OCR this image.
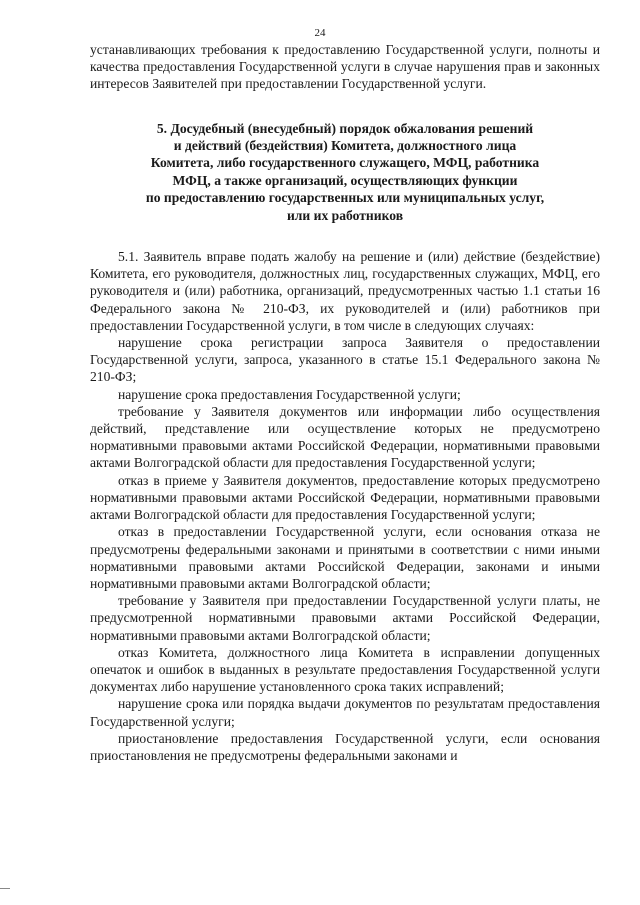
24

устанавливающих требования к предоставлению Государственной услуги, полноты и качества предоставления Государственной услуги в случае нарушения прав и законных интересов Заявителей при предоставлении Государственной услуги.

5. Досудебный (внесудебный) порядок обжалования решений
и действий (бездействия) Комитета, должностного лица
Комитета, либо государственного служащего, МФЦ, работника
МФЦ, а также организаций, осуществляющих функции
по предоставлению государственных или муниципальных услуг,
или их работников

5.1. Заявитель вправе подать жалобу на решение и (или) действие (бездействие) Комитета, его руководителя, должностных лиц, государственных служащих, МФЦ, его руководителя и (или) работника, организаций, предусмотренных частью 1.1 статьи 16 Федерального закона № 210-ФЗ, их руководителей и (или) работников при предоставлении Государственной услуги, в том числе в следующих случаях:

нарушение срока регистрации запроса Заявителя о предоставлении Государственной услуги, запроса, указанного в статье 15.1 Федерального закона № 210-ФЗ;

нарушение срока предоставления Государственной услуги;

требование у Заявителя документов или информации либо осуществления действий, представление или осуществление которых не предусмотрено нормативными правовыми актами Российской Федерации, нормативными правовыми актами Волгоградской области для предоставления Государственной услуги;

отказ в приеме у Заявителя документов, предоставление которых предусмотрено нормативными правовыми актами Российской Федерации, нормативными правовыми актами Волгоградской области для предоставления Государственной услуги;

отказ в предоставлении Государственной услуги, если основания отказа не предусмотрены федеральными законами и принятыми в соответствии с ними иными нормативными правовыми актами Российской Федерации, законами и иными нормативными правовыми актами Волгоградской области;

требование у Заявителя при предоставлении Государственной услуги платы, не предусмотренной нормативными правовыми актами Российской Федерации, нормативными правовыми актами Волгоградской области;

отказ Комитета, должностного лица Комитета в исправлении допущенных опечаток и ошибок в выданных в результате предоставления Государственной услуги документах либо нарушение установленного срока таких исправлений;

нарушение срока или порядка выдачи документов по результатам предоставления Государственной услуги;

приостановление предоставления Государственной услуги, если основания приостановления не предусмотрены федеральными законами и
